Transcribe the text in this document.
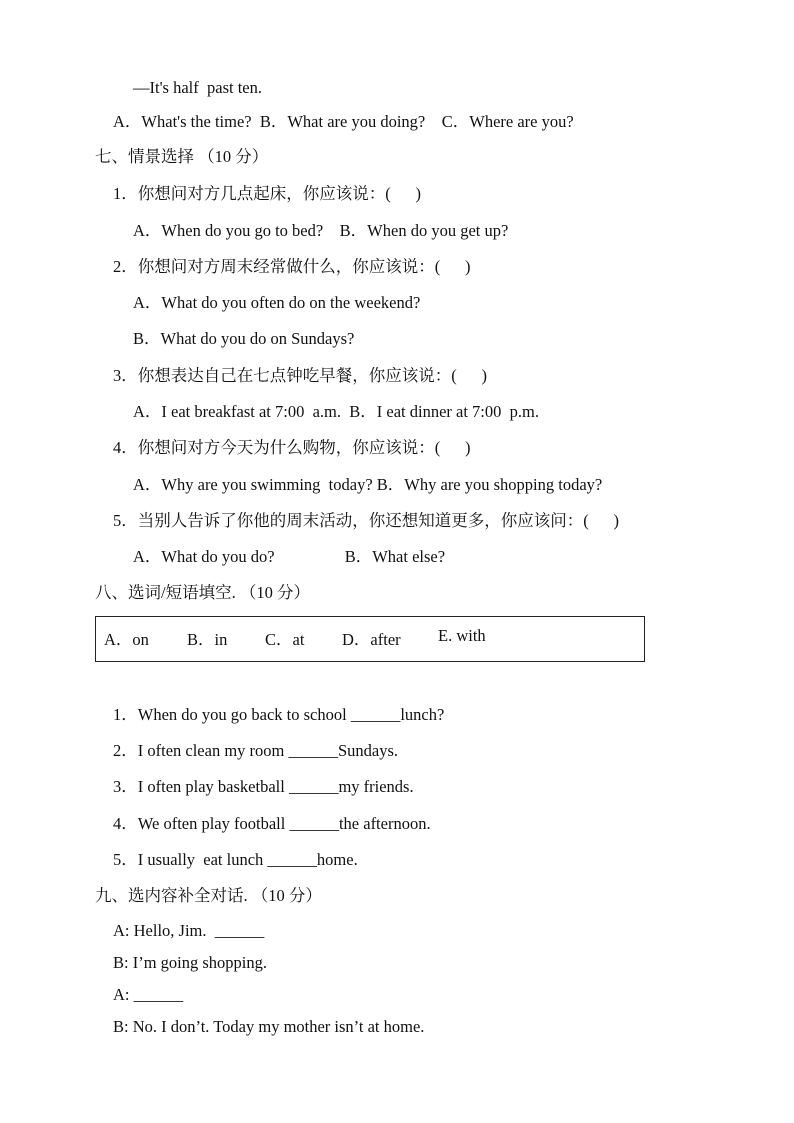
—It's half  past ten.
A．What's the time?  B．What are you doing?    C．Where are you?
七、情景选择 （10 分）
1．你想问对方几点起床，你应该说：(      )
A．When do you go to bed?    B．When do you get up?
2．你想问对方周末经常做什么，你应该说：(      )
A．What do you often do on the weekend?
B．What do you do on Sundays?
3．你想表达自己在七点钟吃早餐，你应该说：(      )
A．I eat breakfast at 7:00  a.m.  B．I eat dinner at 7:00  p.m.
4．你想问对方今天为什么购物，你应该说：(      )
A．Why are you swimming  today? B．Why are you shopping today?
5．当别人告诉了你他的周末活动，你还想知道更多，你应该问：(      )
A．What do you do?                 B．What else?
八、选词/短语填空. （10 分）
A．on B．in C．at D．after E. with
1．When do you go back to school ______lunch?
2．I often clean my room ______Sundays.
3．I often play basketball ______my friends.
4．We often play football ______the afternoon.
5．I usually  eat lunch ______home.
九、选内容补全对话. （10 分）
A: Hello, Jim.  ______
B: I’m going shopping.
A: ______
B: No. I don’t. Today my mother isn’t at home.
